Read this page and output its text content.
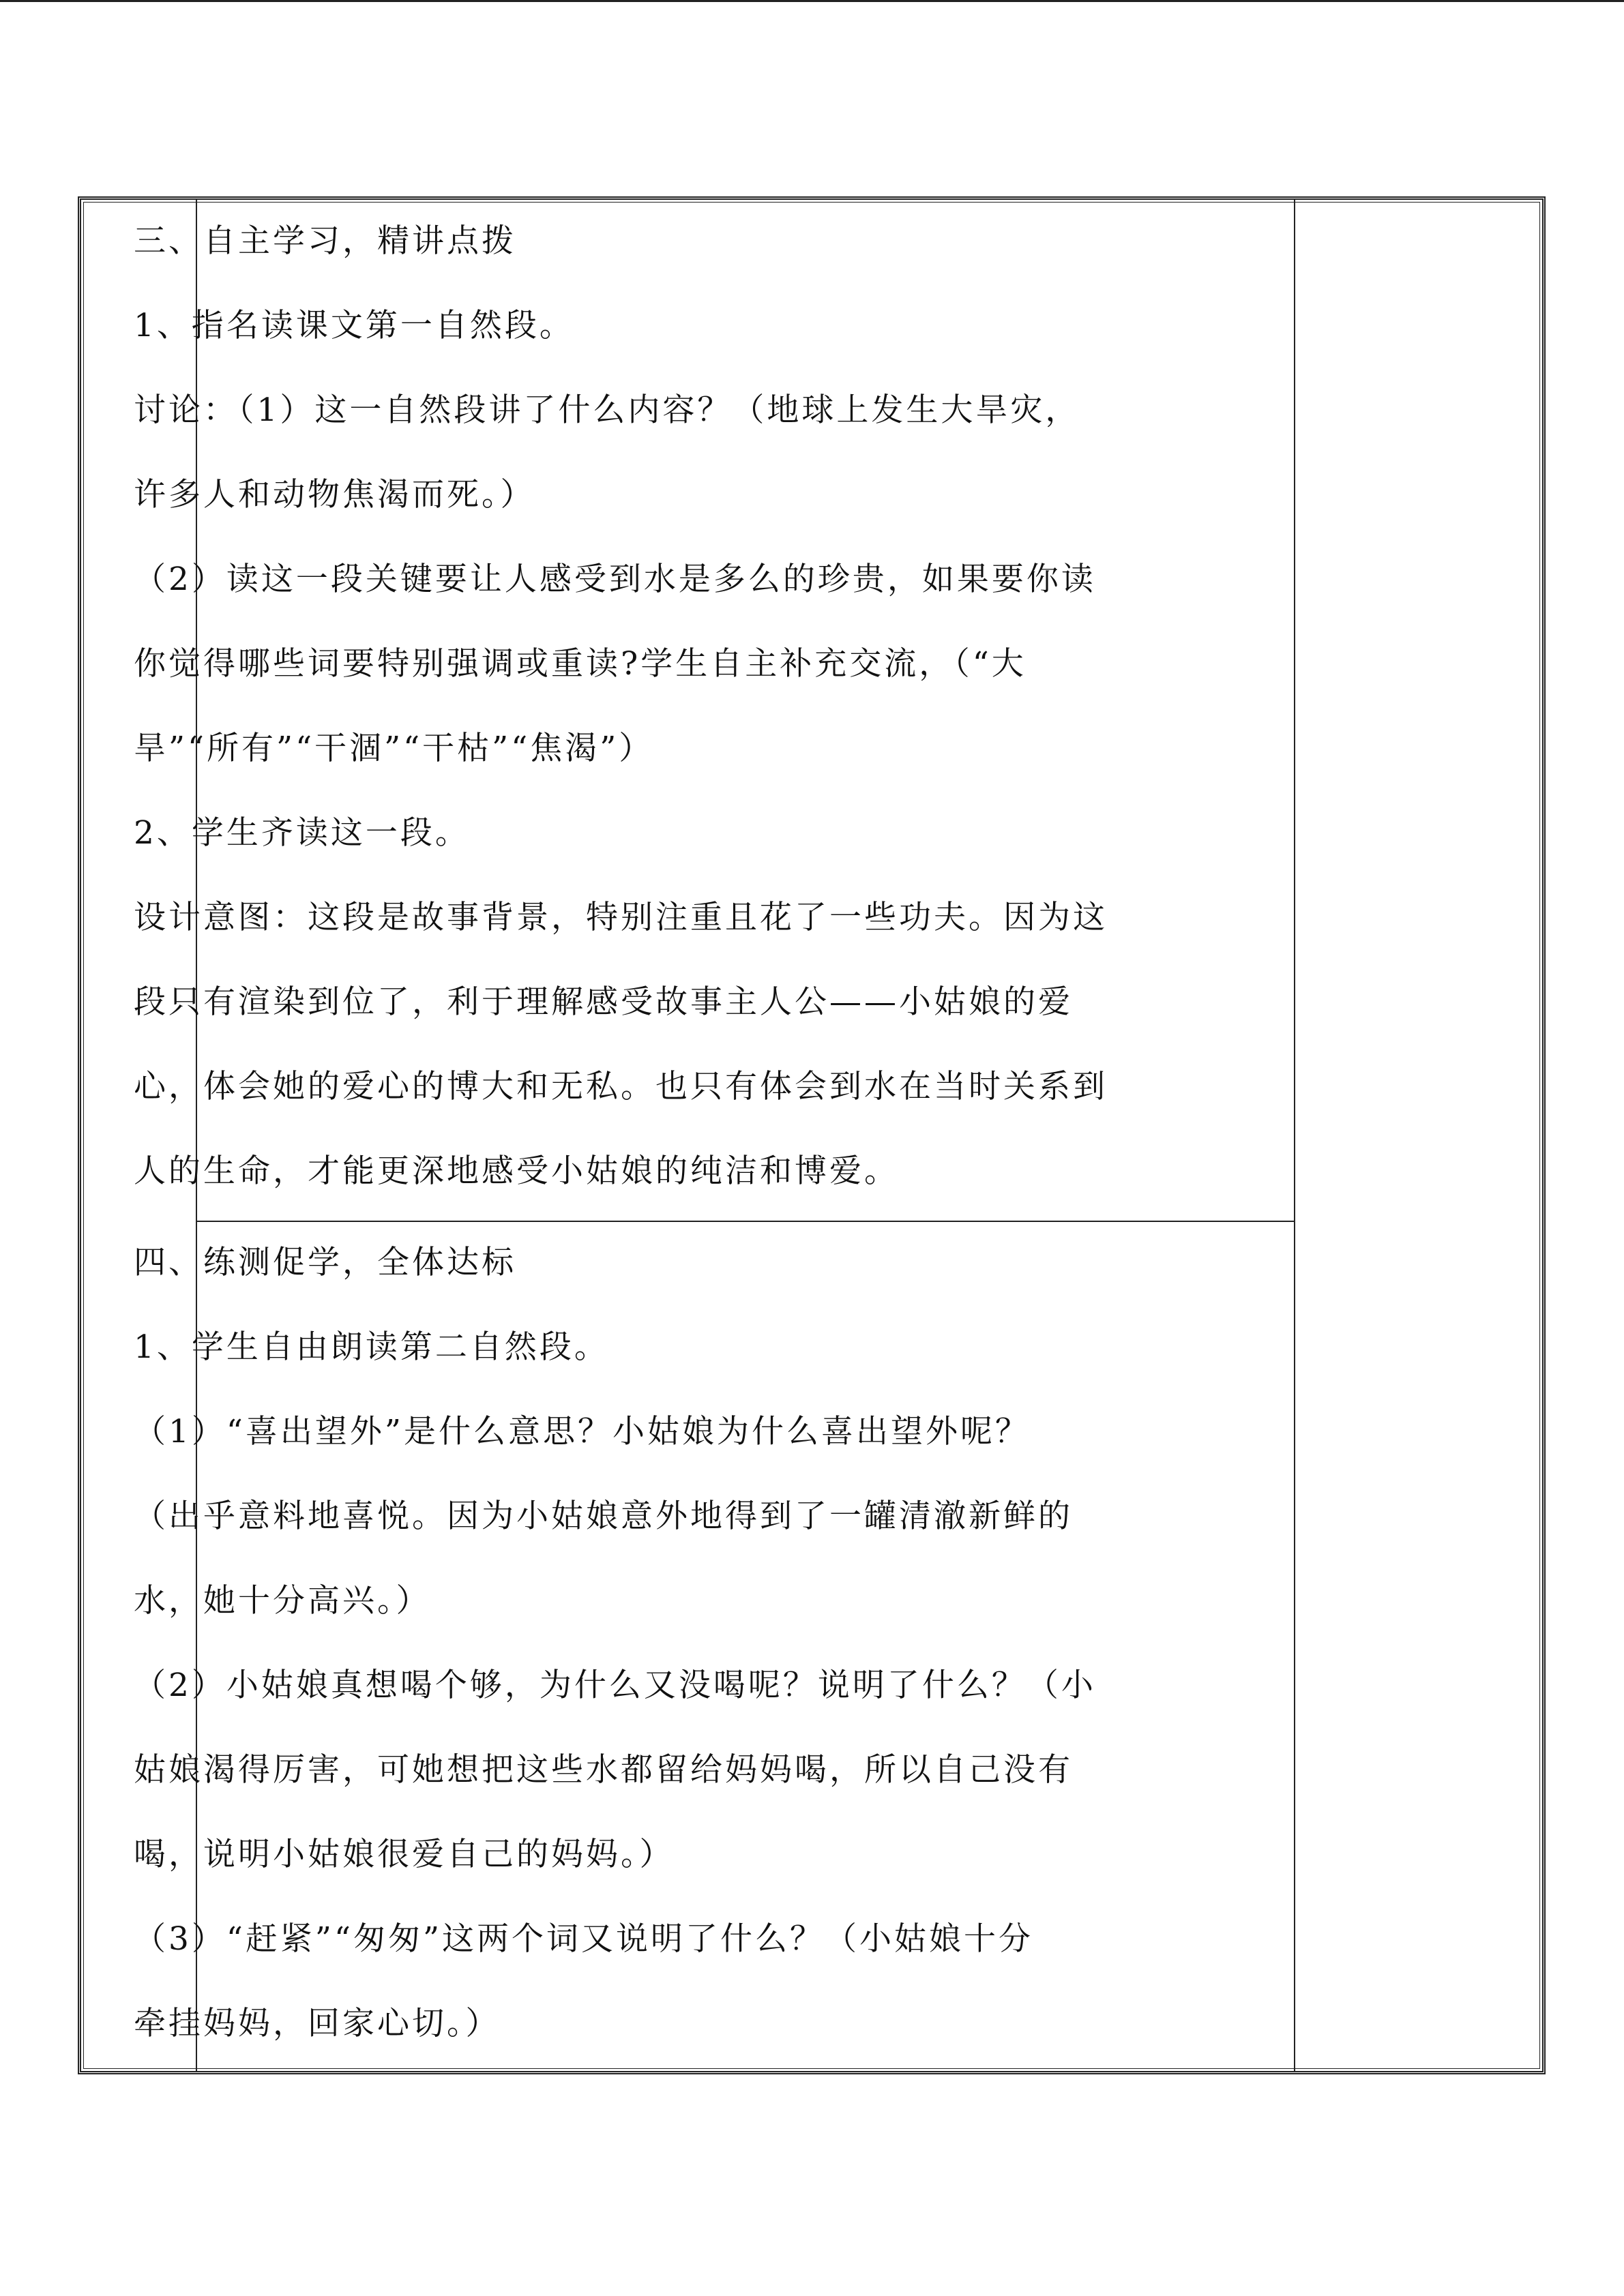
三、自主学习，精讲点拨
1、指名读课文第一自然段。
讨论：（1）这一自然段讲了什么内容？（地球上发生大旱灾，
许多人和动物焦渴而死。）
（2）读这一段关键要让人感受到水是多么的珍贵，如果要你读
你觉得哪些词要特别强调或重读?学生自主补充交流，（“大
旱”“所有”“干涸”“干枯”“焦渴”）
2、学生齐读这一段。
设计意图：这段是故事背景，特别注重且花了一些功夫。因为这
段只有渲染到位了，利于理解感受故事主人公——小姑娘的爱
心，体会她的爱心的博大和无私。也只有体会到水在当时关系到
人的生命，才能更深地感受小姑娘的纯洁和博爱。
四、练测促学，全体达标
1、学生自由朗读第二自然段。
（1）“喜出望外”是什么意思？小姑娘为什么喜出望外呢？
（出乎意料地喜悦。因为小姑娘意外地得到了一罐清澈新鲜的
水，她十分高兴。）
（2）小姑娘真想喝个够，为什么又没喝呢？说明了什么？（小
姑娘渴得厉害，可她想把这些水都留给妈妈喝，所以自己没有
喝，说明小姑娘很爱自己的妈妈。）
（3）“赶紧”“匆匆”这两个词又说明了什么？（小姑娘十分
牵挂妈妈，回家心切。）
